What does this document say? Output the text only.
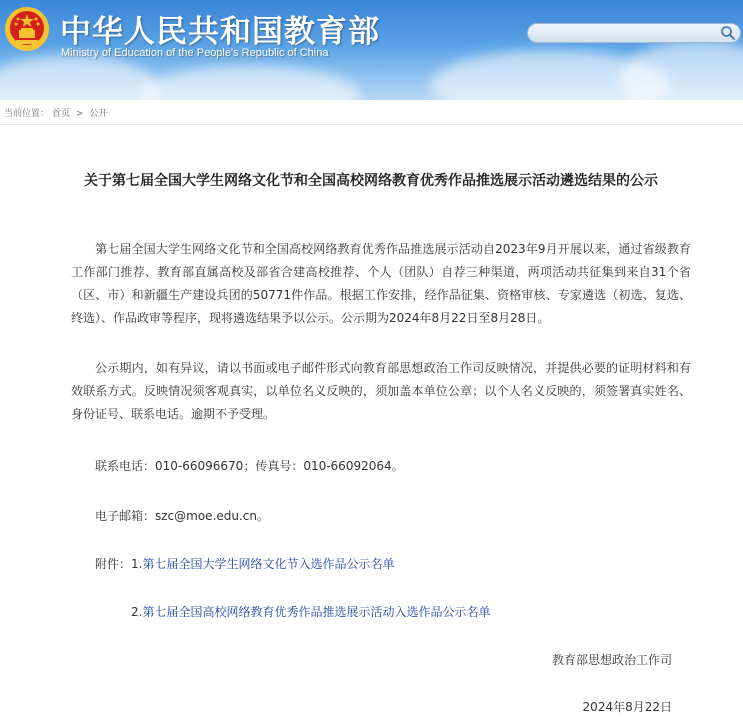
中华人民共和国教育部
Ministry of Education of the People's Republic of China
当前位置： 首页 > 公开
关于第七届全国大学生网络文化节和全国高校网络教育优秀作品推选展示活动遴选结果的公示
第七届全国大学生网络文化节和全国高校网络教育优秀作品推选展示活动自2023年9月开展以来，通过省级教育工作部门推荐、教育部直属高校及部省合建高校推荐、个人（团队）自荐三种渠道，两项活动共征集到来自31个省（区、市）和新疆生产建设兵团的50771件作品。根据工作安排，经作品征集、资格审核、专家遴选（初选、复选、终选）、作品政审等程序，现将遴选结果予以公示。公示期为2024年8月22日至8月28日。
公示期内，如有异议，请以书面或电子邮件形式向教育部思想政治工作司反映情况，并提供必要的证明材料和有效联系方式。反映情况须客观真实，以单位名义反映的，须加盖本单位公章；以个人名义反映的，须签署真实姓名、身份证号、联系电话。逾期不予受理。
联系电话：010-66096670；传真号：010-66092064。
电子邮箱：szc@moe.edu.cn。
附件：1.第七届全国大学生网络文化节入选作品公示名单
2.第七届全国高校网络教育优秀作品推选展示活动入选作品公示名单
教育部思想政治工作司
2024年8月22日
